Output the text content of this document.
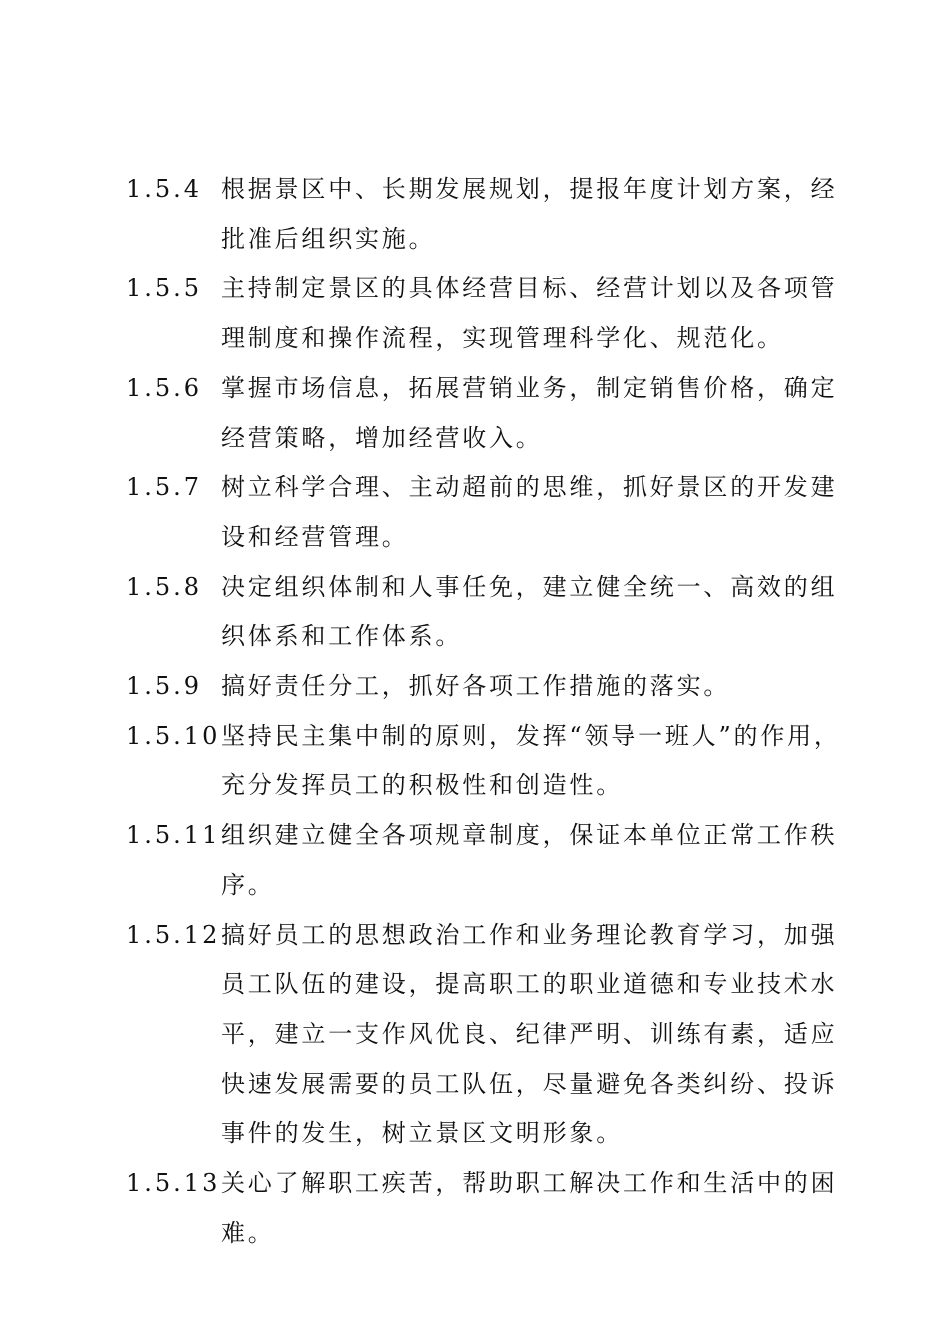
1.5.4 根据景区中、长期发展规划，提报年度计划方案，经批准后组织实施。
1.5.5 主持制定景区的具体经营目标、经营计划以及各项管理制度和操作流程，实现管理科学化、规范化。
1.5.6 掌握市场信息，拓展营销业务，制定销售价格，确定经营策略，增加经营收入。
1.5.7 树立科学合理、主动超前的思维，抓好景区的开发建设和经营管理。
1.5.8 决定组织体制和人事任免，建立健全统一、高效的组织体系和工作体系。
1.5.9 搞好责任分工，抓好各项工作措施的落实。
1.5.10 坚持民主集中制的原则，发挥“领导一班人”的作用，充分发挥员工的积极性和创造性。
1.5.11 组织建立健全各项规章制度，保证本单位正常工作秩序。
1.5.12 搞好员工的思想政治工作和业务理论教育学习，加强员工队伍的建设，提高职工的职业道德和专业技术水平，建立一支作风优良、纪律严明、训练有素，适应快速发展需要的员工队伍，尽量避免各类纠纷、投诉事件的发生，树立景区文明形象。
1.5.13 关心了解职工疾苦，帮助职工解决工作和生活中的困难。
